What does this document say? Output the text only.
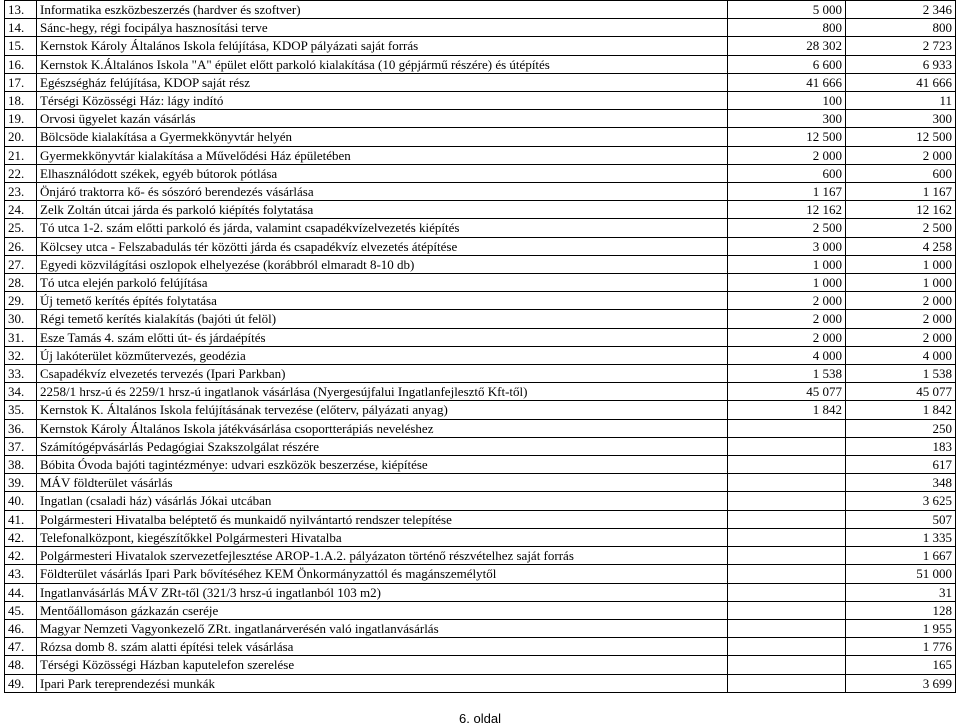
13.	Informatika eszközbeszerzés (hardver és szoftver)	5 000	2 346
14.	Sánc-hegy, régi focipálya hasznosítási terve	800	800
15.	Kernstok Károly Általános Iskola felújítása, KDOP pályázati saját forrás	28 302	2 723
16.	Kernstok K.Általános Iskola "A" épület előtt parkoló kialakítása (10 gépjármű részére) és útépítés	6 600	6 933
17.	Egészségház felújítása, KDOP saját rész	41 666	41 666
18.	Térségi Közösségi Ház: lágy indító	100	11
19.	Orvosi ügyelet kazán vásárlás	300	300
20.	Bölcsöde kialakítása a Gyermekkönyvtár helyén	12 500	12 500
21.	Gyermekkönyvtár kialakítása a Művelődési Ház épületében	2 000	2 000
22.	Elhasználódott székek, egyéb bútorok pótlása	600	600
23.	Önjáró traktorra kő- és sószóró berendezés vásárlása	1 167	1 167
24.	Zelk Zoltán útcai járda és parkoló kiépítés folytatása	12 162	12 162
25.	Tó utca 1-2. szám előtti parkoló és járda, valamint csapadékvízelvezetés kiépítés	2 500	2 500
26.	Kölcsey utca - Felszabadulás tér közötti járda és csapadékvíz elvezetés átépítése	3 000	4 258
27.	Egyedi közvilágítási oszlopok elhelyezése (korábbról elmaradt 8-10 db)	1 000	1 000
28.	Tó utca elején parkoló felújítása	1 000	1 000
29.	Új temető kerítés építés folytatása	2 000	2 000
30.	Régi temető kerítés kialakítás (bajóti út felöl)	2 000	2 000
31.	Esze Tamás 4. szám előtti út- és járdaépítés	2 000	2 000
32.	Új lakóterület közműtervezés, geodézia	4 000	4 000
33.	Csapadékvíz elvezetés tervezés (Ipari Parkban)	1 538	1 538
34.	2258/1 hrsz-ú és 2259/1 hrsz-ú ingatlanok vásárlása (Nyergesújfalui Ingatlanfejlesztő Kft-től)	45 077	45 077
35.	Kernstok K. Általános Iskola felújításának tervezése (előterv, pályázati anyag)	1 842	1 842
36.	Kernstok Károly Általános Iskola játékvásárlása csoportterápiás neveléshez		250
37.	Számítógépvásárlás Pedagógiai Szakszolgálat részére		183
38.	Bóbita Óvoda bajóti tagintézménye: udvari eszközök beszerzése, kiépítése		617
39.	MÁV földterület vásárlás		348
40.	Ingatlan (csaladi ház) vásárlás Jókai utcában		3 625
41.	Polgármesteri Hivatalba beléptető és munkaidő nyilvántartó rendszer telepítése		507
42.	Telefonalközpont, kiegészítőkkel Polgármesteri Hivatalba		1 335
42.	Polgármesteri Hivatalok szervezetfejlesztése AROP-1.A.2. pályázaton történő részvételhez saját forrás		1 667
43.	Földterület vásárlás Ipari Park bővítéséhez KEM Önkormányzattól és magánszemélytől		51 000
44.	Ingatlanvásárlás MÁV ZRt-től (321/3 hrsz-ú ingatlanból 103 m2)		31
45.	Mentőállomáson gázkazán cseréje		128
46.	Magyar Nemzeti Vagyonkezelő ZRt. ingatlanárverésén való ingatlanvásárlás		1 955
47.	Rózsa domb 8. szám alatti építési telek vásárlása		1 776
48.	Térségi Közösségi Házban kaputelefon szerelése		165
49.	Ipari Park tereprendezési munkák		3 699
6. oldal
